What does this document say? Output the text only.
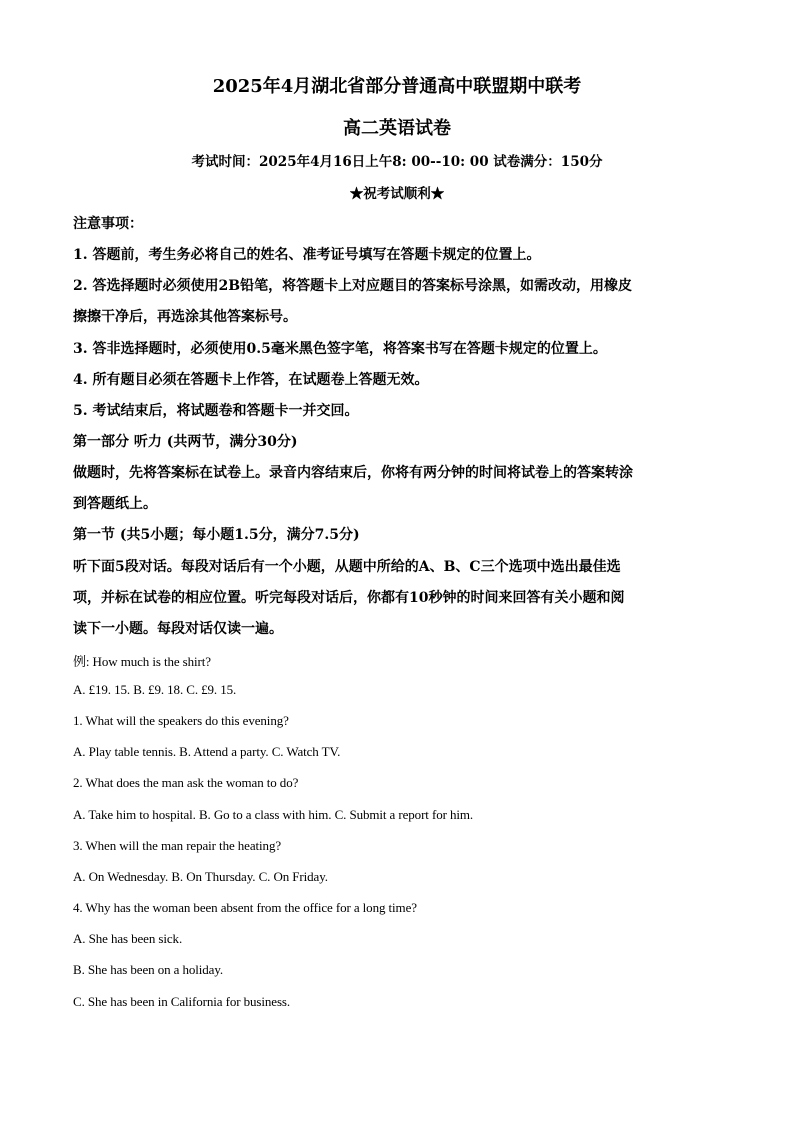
2025年4月湖北省部分普通高中联盟期中联考
高二英语试卷
考试时间：2025年4月16日上午8: 00--10: 00 试卷满分：150分
★祝考试顺利★
注意事项：
1. 答题前，考生务必将自己的姓名、准考证号填写在答题卡规定的位置上。
2. 答选择题时必须使用2B铅笔，将答题卡上对应题目的答案标号涂黑，如需改动，用橡皮
擦擦干净后，再选涂其他答案标号。
3. 答非选择题时，必须使用0.5毫米黑色签字笔，将答案书写在答题卡规定的位置上。
4. 所有题目必须在答题卡上作答，在试题卷上答题无效。
5. 考试结束后，将试题卷和答题卡一并交回。
第一部分 听力 (共两节，满分30分)
做题时，先将答案标在试卷上。录音内容结束后，你将有两分钟的时间将试卷上的答案转涂
到答题纸上。
第一节 (共5小题；每小题1.5分，满分7.5分)
听下面5段对话。每段对话后有一个小题，从题中所给的A、B、C三个选项中选出最佳选
项，并标在试卷的相应位置。听完每段对话后，你都有10秒钟的时间来回答有关小题和阅
读下一小题。每段对话仅读一遍。
例: How much is the shirt?
A. £19. 15. B. £9. 18. C. £9. 15.
1. What will the speakers do this evening?
A. Play table tennis. B. Attend a party. C. Watch TV.
2. What does the man ask the woman to do?
A. Take him to hospital. B. Go to a class with him. C. Submit a report for him.
3. When will the man repair the heating?
A. On Wednesday. B. On Thursday. C. On Friday.
4. Why has the woman been absent from the office for a long time?
A. She has been sick.
B. She has been on a holiday.
C. She has been in California for business.
